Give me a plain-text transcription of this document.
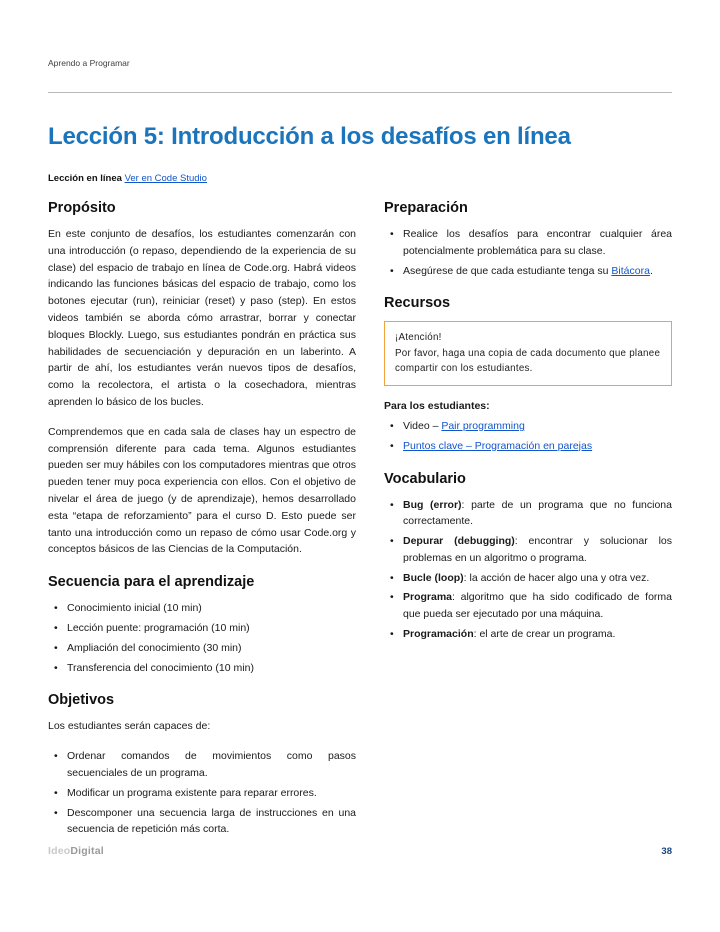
Aprendo a Programar
Lección 5: Introducción a los desafíos en línea
Lección en línea Ver en Code Studio
Propósito

En este conjunto de desafíos, los estudiantes comenzarán con una introducción (o repaso, dependiendo de la experiencia de su clase) del espacio de trabajo en línea de Code.org. Habrá videos indicando las funciones básicas del espacio de trabajo, como los botones ejecutar (run), reiniciar (reset) y paso (step). En estos videos también se aborda cómo arrastrar, borrar y conectar bloques Blockly. Luego, sus estudiantes pondrán en práctica sus habilidades de secuenciación y depuración en un laberinto. A partir de ahí, los estudiantes verán nuevos tipos de desafíos, como la recolectora, el artista o la cosechadora, mientras aprenden lo básico de los bucles.

Comprendemos que en cada sala de clases hay un espectro de comprensión diferente para cada tema. Algunos estudiantes pueden ser muy hábiles con los computadores mientras que otros pueden tener muy poca experiencia con ellos. Con el objetivo de nivelar el área de juego (y de aprendizaje), hemos desarrollado esta “etapa de reforzamiento” para el curso D. Esto puede ser tanto una introducción como un repaso de cómo usar Code.org y conceptos básicos de las Ciencias de la Computación.

Secuencia para el aprendizaje
• Conocimiento inicial (10 min)
• Lección puente: programación (10 min)
• Ampliación del conocimiento (30 min)
• Transferencia del conocimiento (10 min)
Objetivos

Los estudiantes serán capaces de:

• Ordenar comandos de movimientos como pasos secuenciales de un programa.
• Modificar un programa existente para reparar errores.
• Descomponer una secuencia larga de instrucciones en una secuencia de repetición más corta.
Preparación
• Realice los desafíos para encontrar cualquier área potencialmente problemática para su clase.
• Asegúrese de que cada estudiante tenga su Bitácora.
Recursos
¡Atención!
Por favor, haga una copia de cada documento que planee compartir con los estudiantes.

Para los estudiantes:

• Video – Pair programming
• Puntos clave – Programación en parejas
Vocabulario
• Bug (error): parte de un programa que no funciona correctamente.
• Depurar (debugging): encontrar y solucionar los problemas en un algoritmo o programa.
• Bucle (loop): la acción de hacer algo una y otra vez.
• Programa: algoritmo que ha sido codificado de forma que pueda ser ejecutado por una máquina.
• Programación: el arte de crear un programa.
IdeoDigital	38
